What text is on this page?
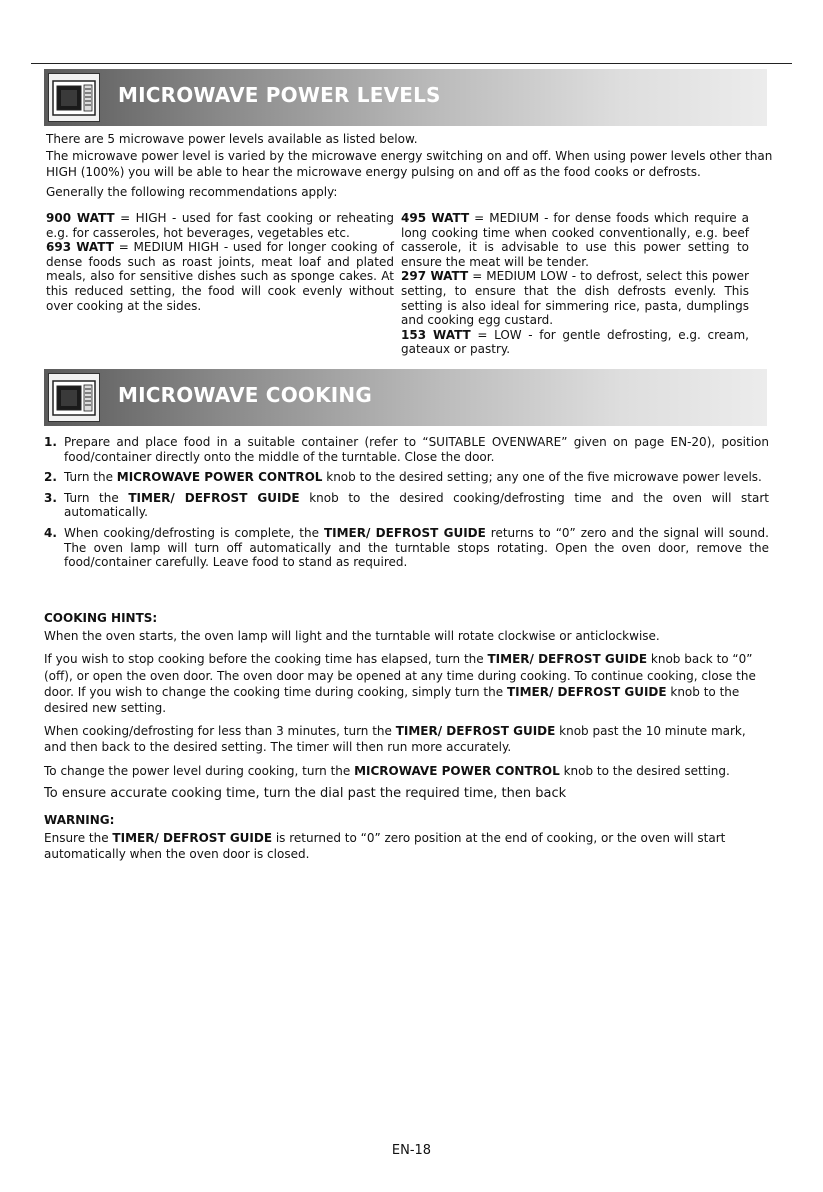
MICROWAVE POWER LEVELS
There are 5 microwave power levels available as listed below.
The microwave power level is varied by the microwave energy switching on and off. When using power levels other than HIGH (100%) you will be able to hear the microwave energy pulsing on and off as the food cooks or defrosts.
Generally the following recommendations apply:

900 WATT = HIGH - used for fast cooking or reheating e.g. for casseroles, hot beverages, vegetables etc.

693 WATT = MEDIUM HIGH - used for longer cooking of dense foods such as roast joints, meat loaf and plated meals, also for sensitive dishes such as sponge cakes. At this reduced setting, the food will cook evenly without over cooking at the sides.

495 WATT = MEDIUM - for dense foods which require a long cooking time when cooked conventionally, e.g. beef casserole, it is advisable to use this power setting to ensure the meat will be tender.

297 WATT = MEDIUM LOW - to defrost, select this power setting, to ensure that the dish defrosts evenly. This setting is also ideal for simmering rice, pasta, dumplings and cooking egg custard.

153 WATT = LOW - for gentle defrosting, e.g. cream, gateaux or pastry.

MICROWAVE COOKING
1. Prepare and place food in a suitable container (refer to “SUITABLE OVENWARE” given on page EN-20), position food/container directly onto the middle of the turntable. Close the door.
2. Turn the MICROWAVE POWER CONTROL knob to the desired setting; any one of the five microwave power levels.
3. Turn the TIMER/ DEFROST GUIDE knob to the desired cooking/defrosting time and the oven will start automatically.
4. When cooking/defrosting is complete, the TIMER/ DEFROST GUIDE returns to “0” zero and the signal will sound. The oven lamp will turn off automatically and the turntable stops rotating. Open the oven door, remove the food/container carefully. Leave food to stand as required.
COOKING HINTS:

When the oven starts, the oven lamp will light and the turntable will rotate clockwise or anticlockwise.

If you wish to stop cooking before the cooking time has elapsed, turn the TIMER/ DEFROST GUIDE knob back to “0” (off), or open the oven door. The oven door may be opened at any time during cooking. To continue cooking, close the door. If you wish to change the cooking time during cooking, simply turn the TIMER/ DEFROST GUIDE knob to the desired new setting.

When cooking/defrosting for less than 3 minutes, turn the TIMER/ DEFROST GUIDE knob past the 10 minute mark, and then back to the desired setting. The timer will then run more accurately.

To change the power level during cooking, turn the MICROWAVE POWER CONTROL knob to the desired setting.

To ensure accurate cooking time, turn the dial past the required time, then back

WARNING:

Ensure the TIMER/ DEFROST GUIDE is returned to “0” zero position at the end of cooking, or the oven will start automatically when the oven door is closed.

EN-18
